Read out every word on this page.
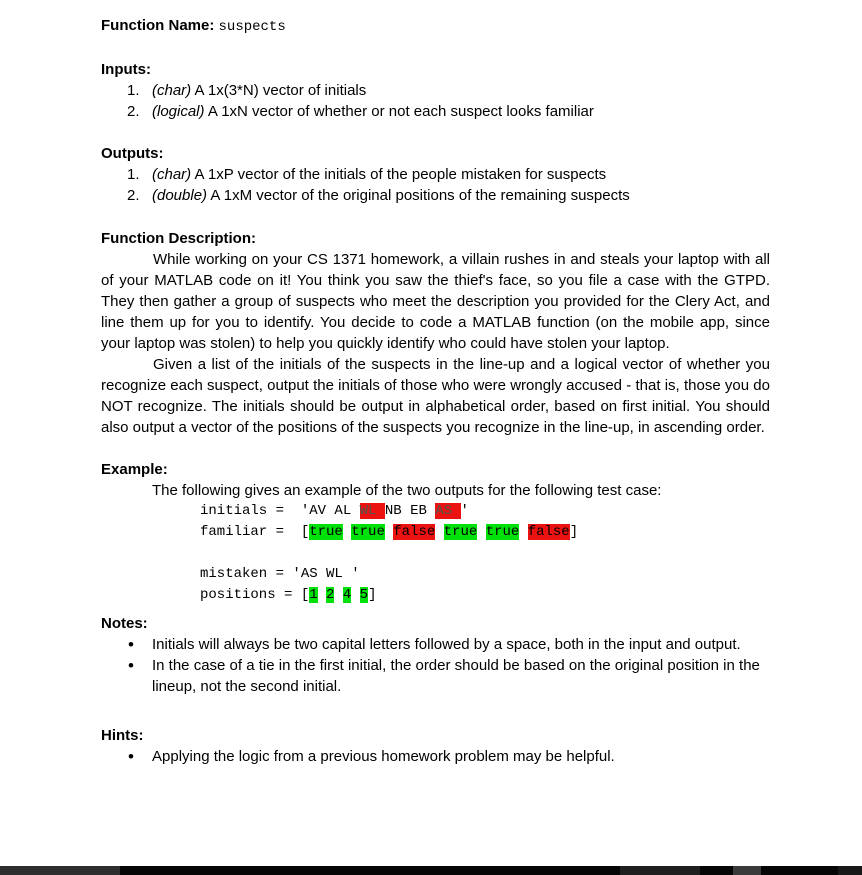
Function Name: suspects
Inputs:
1. (char) A 1x(3*N) vector of initials
2. (logical) A 1xN vector of whether or not each suspect looks familiar
Outputs:
1. (char) A 1xP vector of the initials of the people mistaken for suspects
2. (double) A 1xM vector of the original positions of the remaining suspects
Function Description:

While working on your CS 1371 homework, a villain rushes in and steals your laptop with all of your MATLAB code on it! You think you saw the thief's face, so you file a case with the GTPD. They then gather a group of suspects who meet the description you provided for the Clery Act, and line them up for you to identify. You decide to code a MATLAB function (on the mobile app, since your laptop was stolen) to help you quickly identify who could have stolen your laptop.

Given a list of the initials of the suspects in the line-up and a logical vector of whether you recognize each suspect, output the initials of those who were wrongly accused - that is, those you do NOT recognize. The initials should be output in alphabetical order, based on first initial. You should also output a vector of the positions of the suspects you recognize in the line-up, in ascending order.

Example:

The following gives an example of the two outputs for the following test case:

initials =  'AV AL WL NB EB AS '
familiar =  [true true false true true false]

mistaken = 'AS WL '
positions = [1 2 4 5]
Notes:
• Initials will always be two capital letters followed by a space, both in the input and output.
• In the case of a tie in the first initial, the order should be based on the original position in the lineup, not the second initial.
Hints:
• Applying the logic from a previous homework problem may be helpful.
